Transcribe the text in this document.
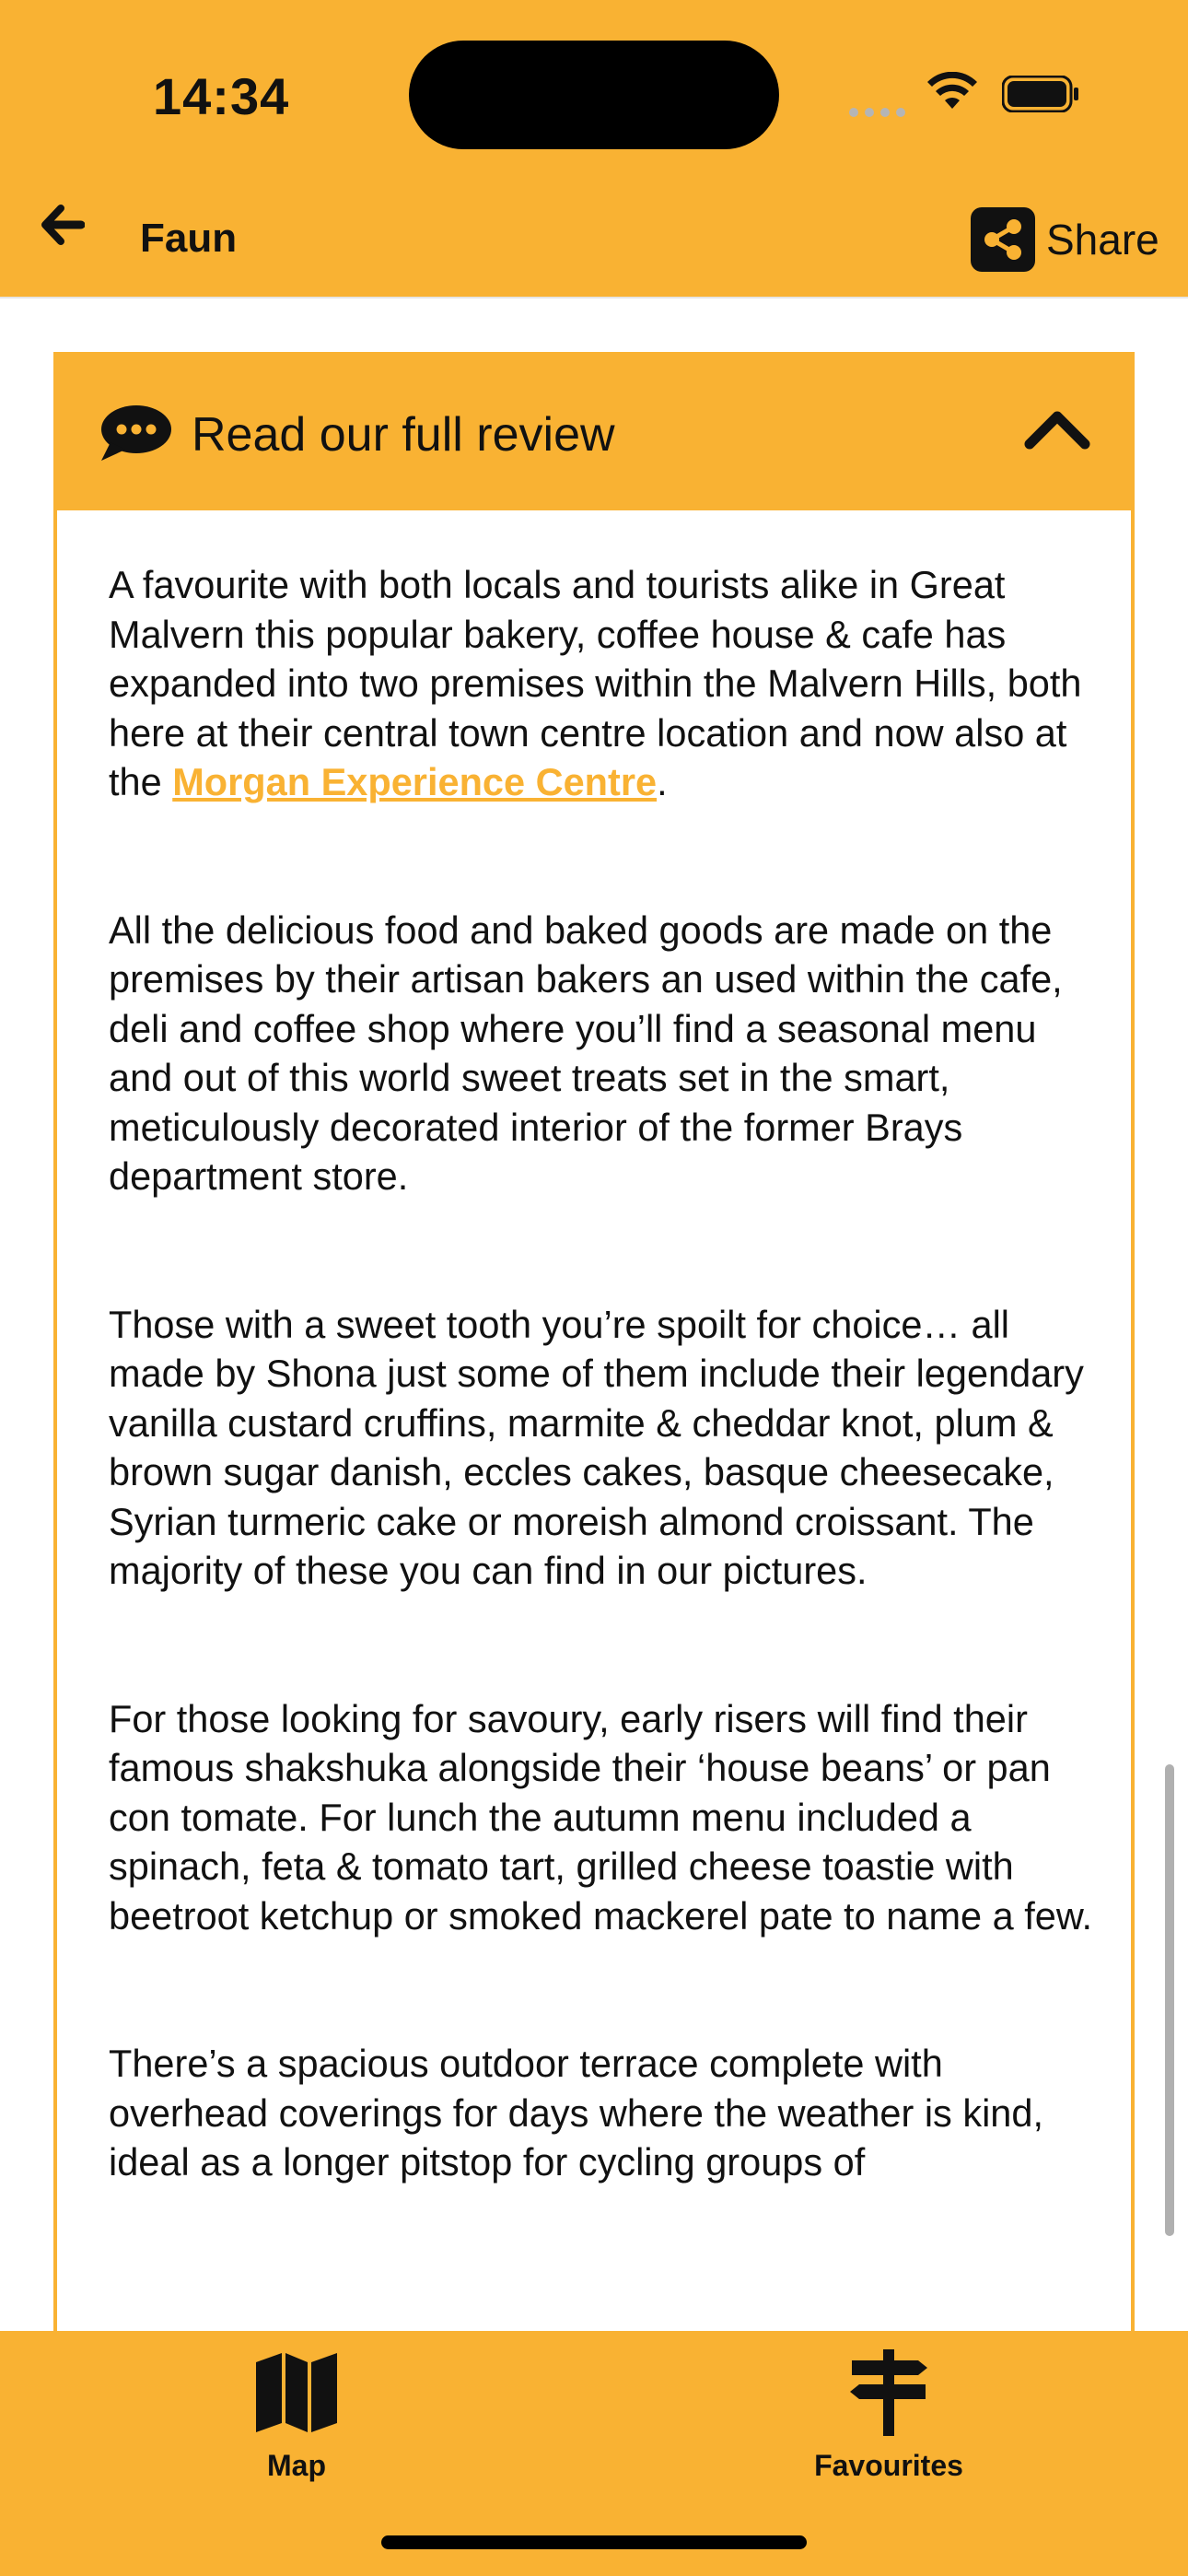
14:34
Faun	Share
Read our full review

A favourite with both locals and tourists alike in Great Malvern this popular bakery, coffee house & cafe has expanded into two premises within the Malvern Hills, both here at their central town centre location and now also at the Morgan Experience Centre.

All the delicious food and baked goods are made on the premises by their artisan bakers an used within the cafe, deli and coffee shop where you’ll find a seasonal menu and out of this world sweet treats set in the smart, meticulously decorated interior of the former Brays department store.

Those with a sweet tooth you’re spoilt for choice… all made by Shona just some of them include their legendary vanilla custard cruffins, marmite & cheddar knot, plum & brown sugar danish, eccles cakes, basque cheesecake, Syrian turmeric cake or moreish almond croissant. The majority of these you can find in our pictures.

For those looking for savoury, early risers will find their famous shakshuka alongside their ‘house beans’ or pan con tomate. For lunch the autumn menu included a spinach, feta & tomato tart, grilled cheese toastie with beetroot ketchup or smoked mackerel pate to name a few.

There’s a spacious outdoor terrace complete with overhead coverings for days where the weather is kind, ideal as a longer pitstop for cycling groups of

Map	Favourites
